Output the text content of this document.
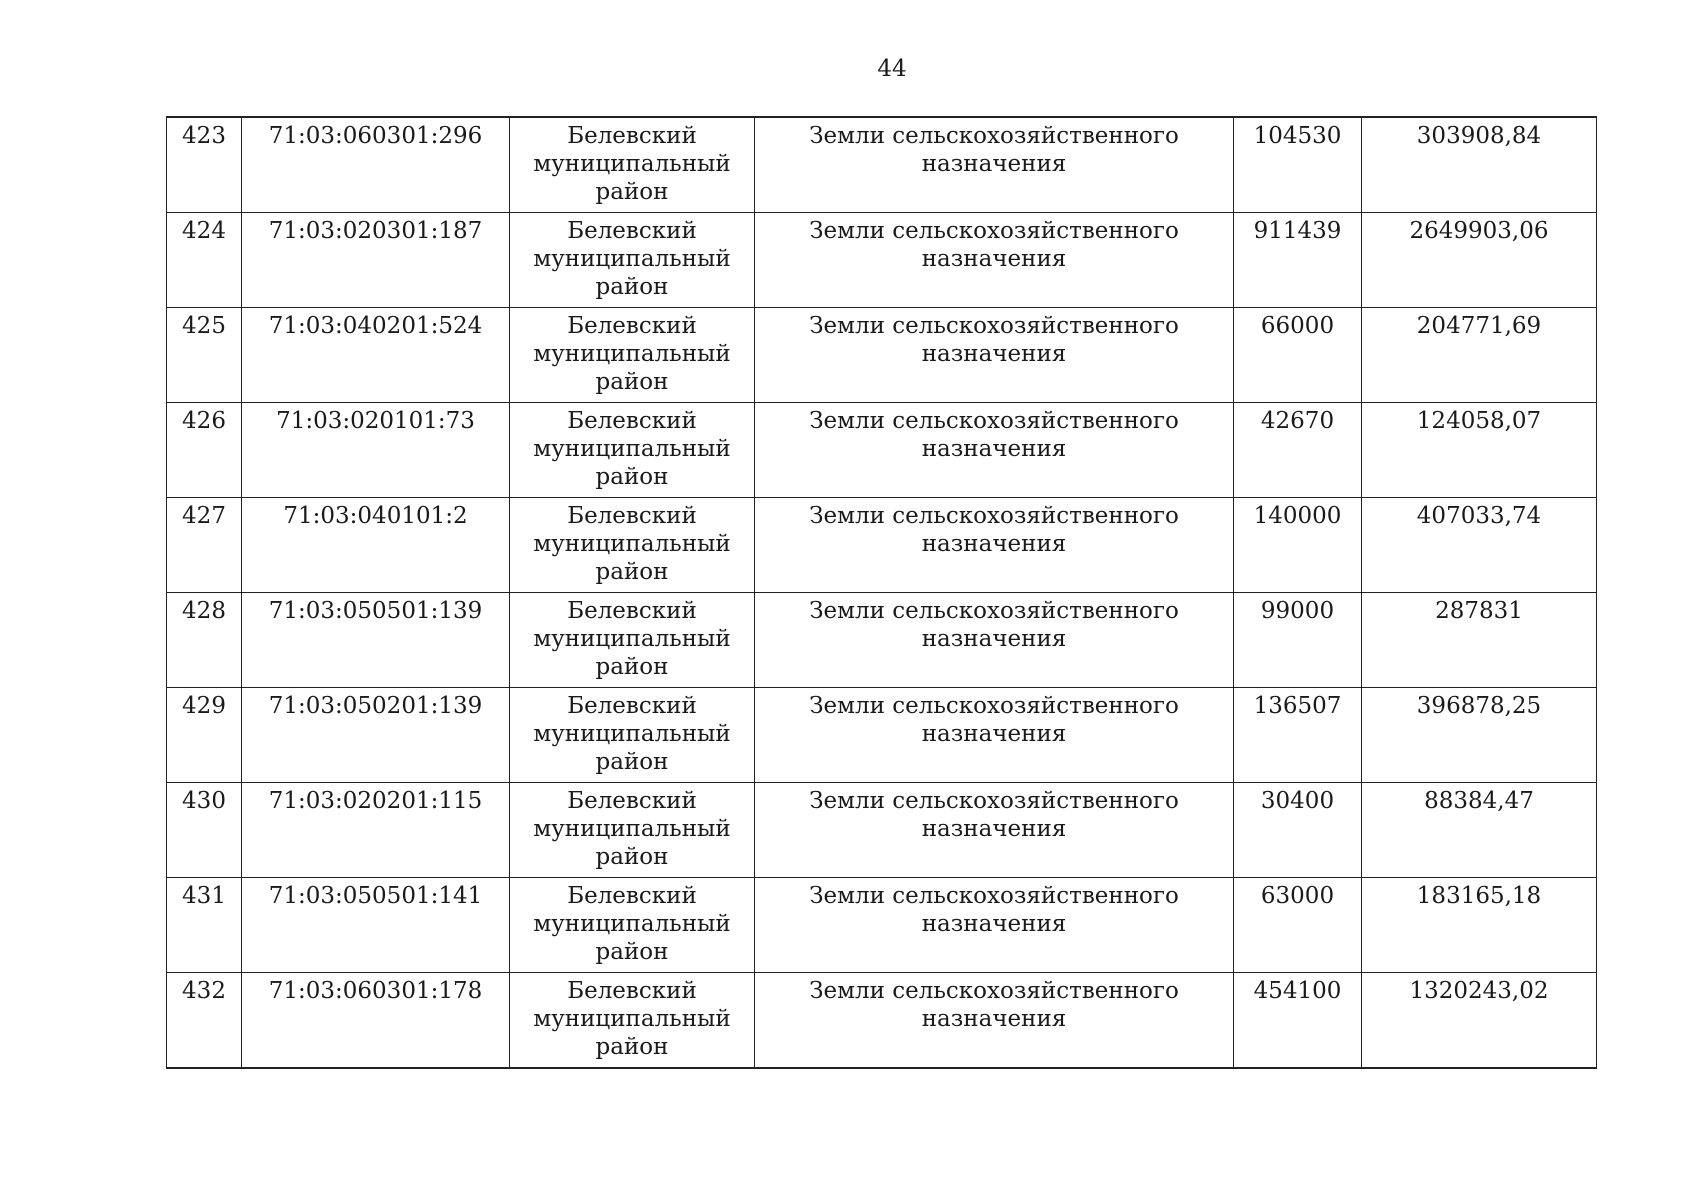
44
423	71:03:060301:296	Белевский
муниципальный
район	Земли сельскохозяйственного назначения	104530	303908,84
424	71:03:020301:187	Белевский
муниципальный
район	Земли сельскохозяйственного назначения	911439	2649903,06
425	71:03:040201:524	Белевский
муниципальный
район	Земли сельскохозяйственного назначения	66000	204771,69
426	71:03:020101:73	Белевский
муниципальный
район	Земли сельскохозяйственного назначения	42670	124058,07
427	71:03:040101:2	Белевский
муниципальный
район	Земли сельскохозяйственного назначения	140000	407033,74
428	71:03:050501:139	Белевский
муниципальный
район	Земли сельскохозяйственного назначения	99000	287831
429	71:03:050201:139	Белевский
муниципальный
район	Земли сельскохозяйственного назначения	136507	396878,25
430	71:03:020201:115	Белевский
муниципальный
район	Земли сельскохозяйственного назначения	30400	88384,47
431	71:03:050501:141	Белевский
муниципальный
район	Земли сельскохозяйственного назначения	63000	183165,18
432	71:03:060301:178	Белевский
муниципальный
район	Земли сельскохозяйственного назначения	454100	1320243,02
